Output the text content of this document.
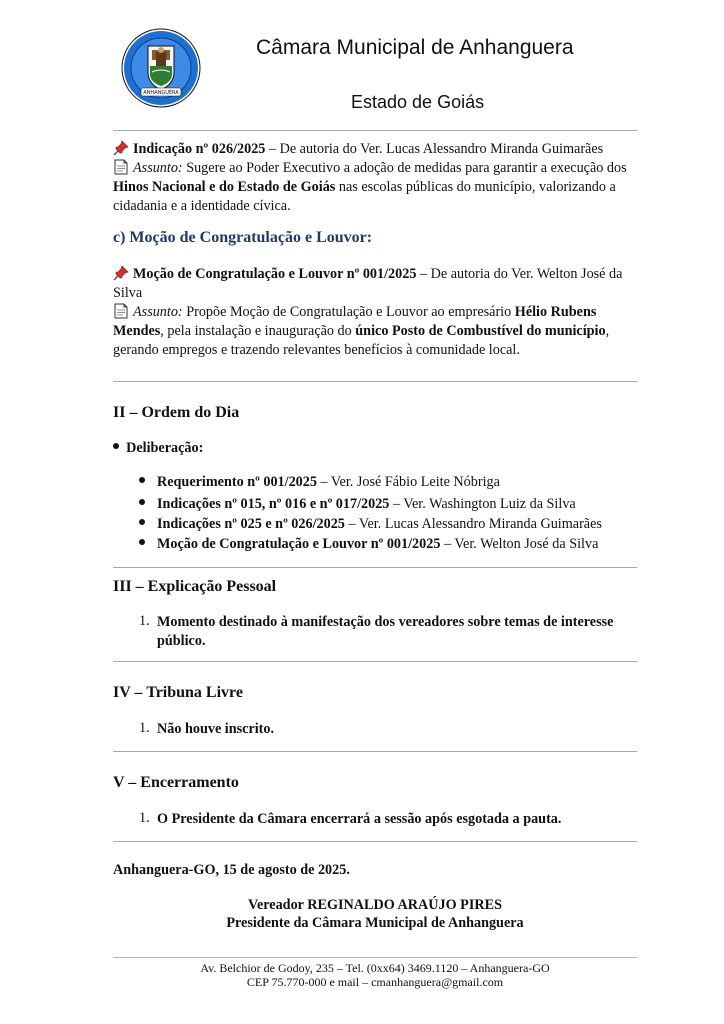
ANHANGUERA
Câmara Municipal de Anhanguera
Estado de Goiás

Indicação nº 026/2025 – De autoria do Ver. Lucas Alessandro Miranda Guimarães

Assunto: Sugere ao Poder Executivo a adoção de medidas para garantir a execução dos Hinos Nacional e do Estado de Goiás nas escolas públicas do município, valorizando a cidadania e a identidade cívica.

c) Moção de Congratulação e Louvor:

Moção de Congratulação e Louvor nº 001/2025 – De autoria do Ver. Welton José da Silva

Assunto: Propõe Moção de Congratulação e Louvor ao empresário Hélio Rubens Mendes, pela instalação e inauguração do único Posto de Combustível do município, gerando empregos e trazendo relevantes benefícios à comunidade local.

II – Ordem do Dia
Deliberação:
Requerimento nº 001/2025 – Ver. José Fábio Leite Nóbriga
Indicações nº 015, nº 016 e nº 017/2025 – Ver. Washington Luiz da Silva
Indicações nº 025 e nº 026/2025 – Ver. Lucas Alessandro Miranda Guimarães
Moção de Congratulação e Louvor nº 001/2025 – Ver. Welton José da Silva
III – Explicação Pessoal
1. Momento destinado à manifestação dos vereadores sobre temas de interesse público.
IV – Tribuna Livre
1. Não houve inscrito.
V – Encerramento
1. O Presidente da Câmara encerrará a sessão após esgotada a pauta.
Anhanguera-GO, 15 de agosto de 2025.
Vereador REGINALDO ARAÚJO PIRES
Presidente da Câmara Municipal de Anhanguera
Av. Belchior de Godoy, 235 – Tel. (0xx64) 3469.1120 – Anhanguera-GO
CEP 75.770-000 e mail – cmanhanguera@gmail.com
